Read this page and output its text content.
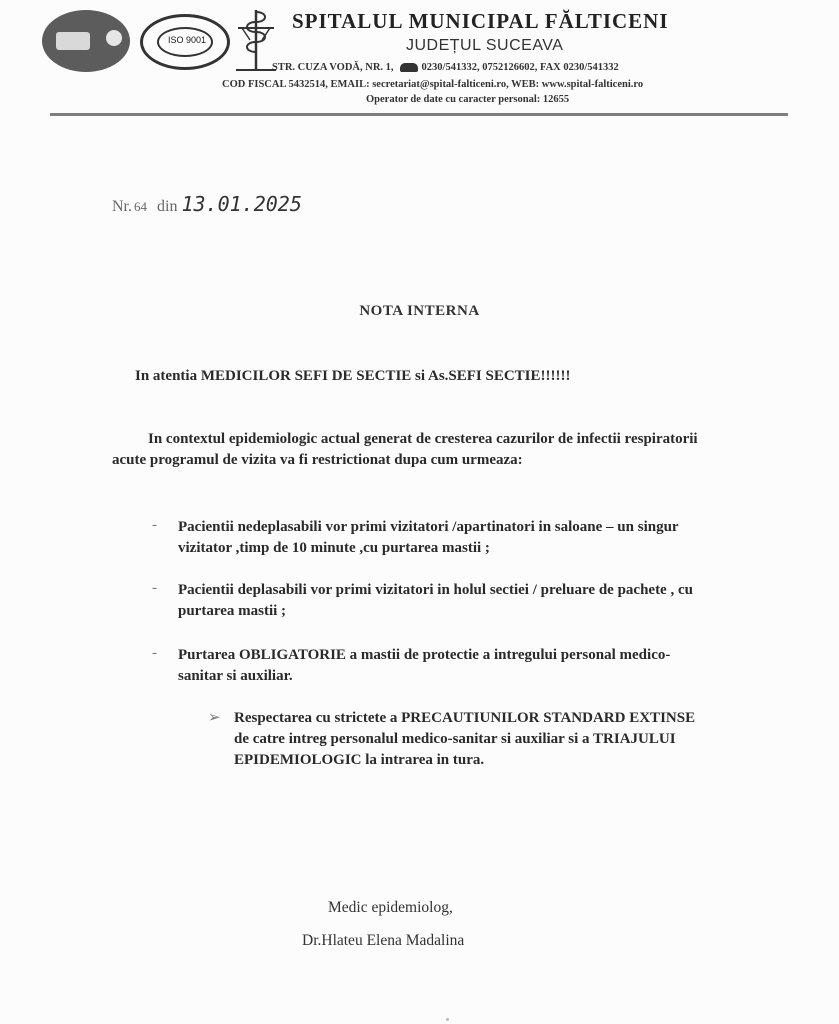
ISO 9001
SPITALUL MUNICIPAL FĂLTICENI
JUDEȚUL SUCEAVA
STR. CUZA VODĂ, NR. 1,	0230/541332, 0752126602, FAX 0230/541332
COD FISCAL 5432514, EMAIL: secretariat@spital-falticeni.ro, WEB: www.spital-falticeni.ro
Operator de date cu caracter personal: 12655
Nr. 64 din 13.01.2025
NOTA INTERNA
In atentia MEDICILOR SEFI DE SECTIE si As.SEFI SECTIE!!!!!!
In contextul epidemiologic actual generat de cresterea cazurilor de infectii respiratorii acute programul de vizita va fi restrictionat dupa cum urmeaza:
- Pacientii nedeplasabili vor primi vizitatori /apartinatori in saloane – un singur vizitator ,timp de 10 minute ,cu purtarea mastii ;
- Pacientii deplasabili vor primi vizitatori in holul sectiei / preluare de pachete , cu purtarea mastii ;
- Purtarea OBLIGATORIE a mastii de protectie a intregului personal medico-sanitar si auxiliar.
➢ Respectarea cu strictete a PRECAUTIUNILOR STANDARD EXTINSE de catre intreg personalul medico-sanitar si auxiliar si a TRIAJULUI EPIDEMIOLOGIC la intrarea in tura.
Medic epidemiolog,
Dr.Hlateu Elena Madalina
